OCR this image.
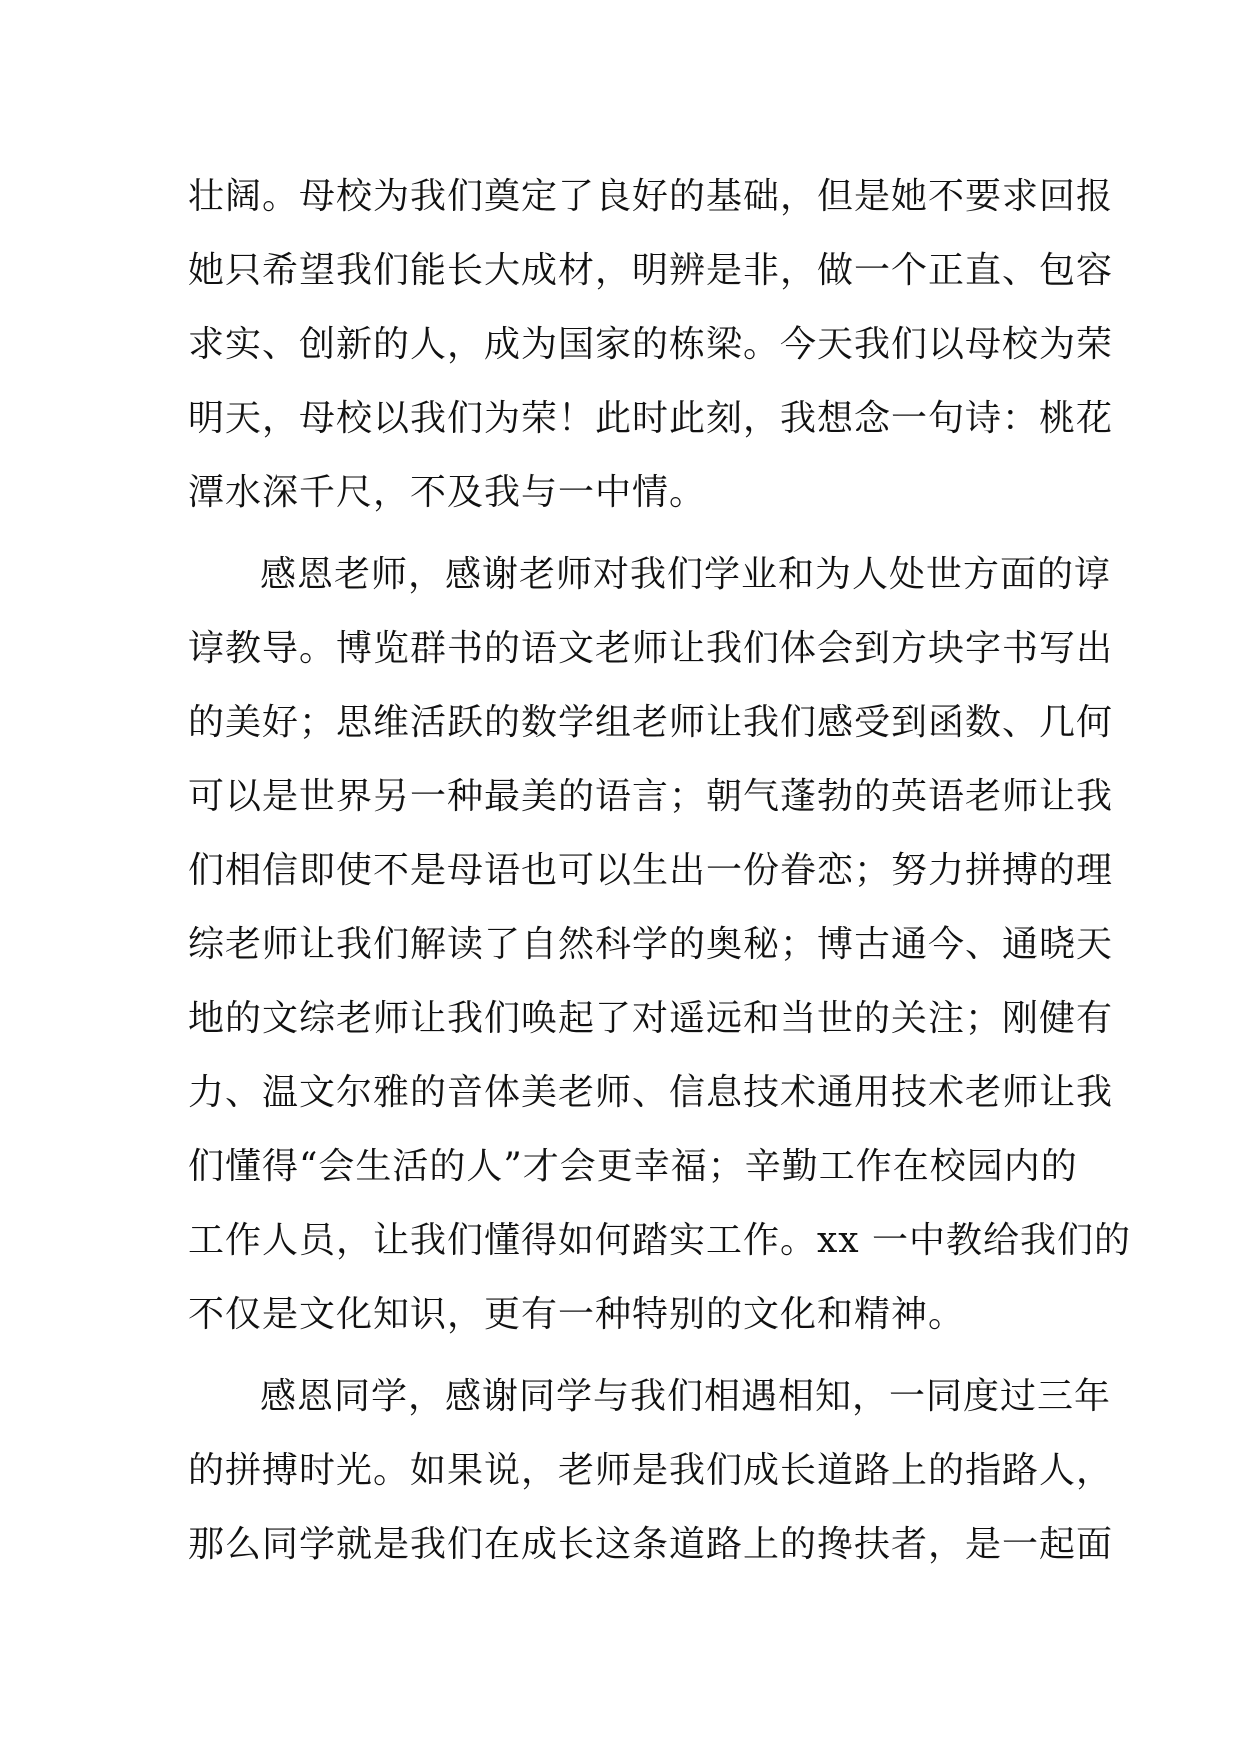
壮阔。母校为我们奠定了良好的基础，但是她不要求回报
她只希望我们能长大成材，明辨是非，做一个正直、包容
求实、创新的人，成为国家的栋梁。今天我们以母校为荣
明天，母校以我们为荣！此时此刻，我想念一句诗：桃花
潭水深千尺，不及我与一中情。
感恩老师，感谢老师对我们学业和为人处世方面的谆
谆教导。博览群书的语文老师让我们体会到方块字书写出
的美好；思维活跃的数学组老师让我们感受到函数、几何
可以是世界另一种最美的语言；朝气蓬勃的英语老师让我
们相信即使不是母语也可以生出一份眷恋；努力拼搏的理
综老师让我们解读了自然科学的奥秘；博古通今、通晓天
地的文综老师让我们唤起了对遥远和当世的关注；刚健有
力、温文尔雅的音体美老师、信息技术通用技术老师让我
们懂得“会生活的人”才会更幸福；辛勤工作在校园内的
工作人员，让我们懂得如何踏实工作。xx 一中教给我们的
不仅是文化知识，更有一种特别的文化和精神。
感恩同学，感谢同学与我们相遇相知，一同度过三年
的拼搏时光。如果说，老师是我们成长道路上的指路人，
那么同学就是我们在成长这条道路上的搀扶者，是一起面
